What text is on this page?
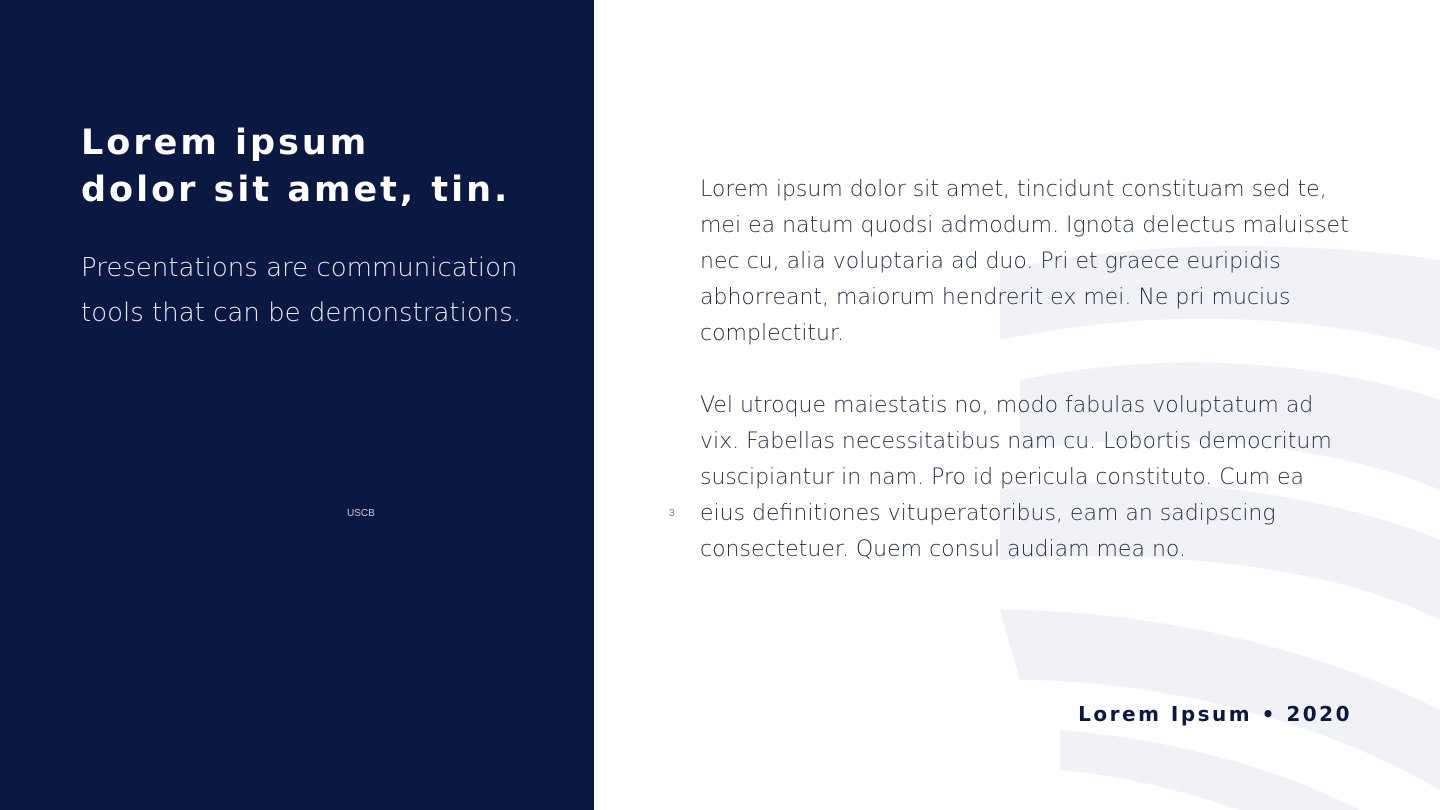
Lorem ipsum
dolor sit amet, tin.
Presentations are communication tools that can be demonstrations.
USCB

Lorem ipsum dolor sit amet, tincidunt constituam sed te, mei ea natum quodsi admodum. Ignota delectus maluisset nec cu, alia voluptaria ad duo. Pri et graece euripidis abhorreant, maiorum hendrerit ex mei. Ne pri mucius complectitur.

Vel utroque maiestatis no, modo fabulas voluptatum ad vix. Fabellas necessitatibus nam cu. Lobortis democritum suscipiantur in nam. Pro id pericula constituto. Cum ea eius definitiones vituperatoribus, eam an sadipscing consectetuer. Quem consul audiam mea no.

3
Lorem Ipsum • 2020
